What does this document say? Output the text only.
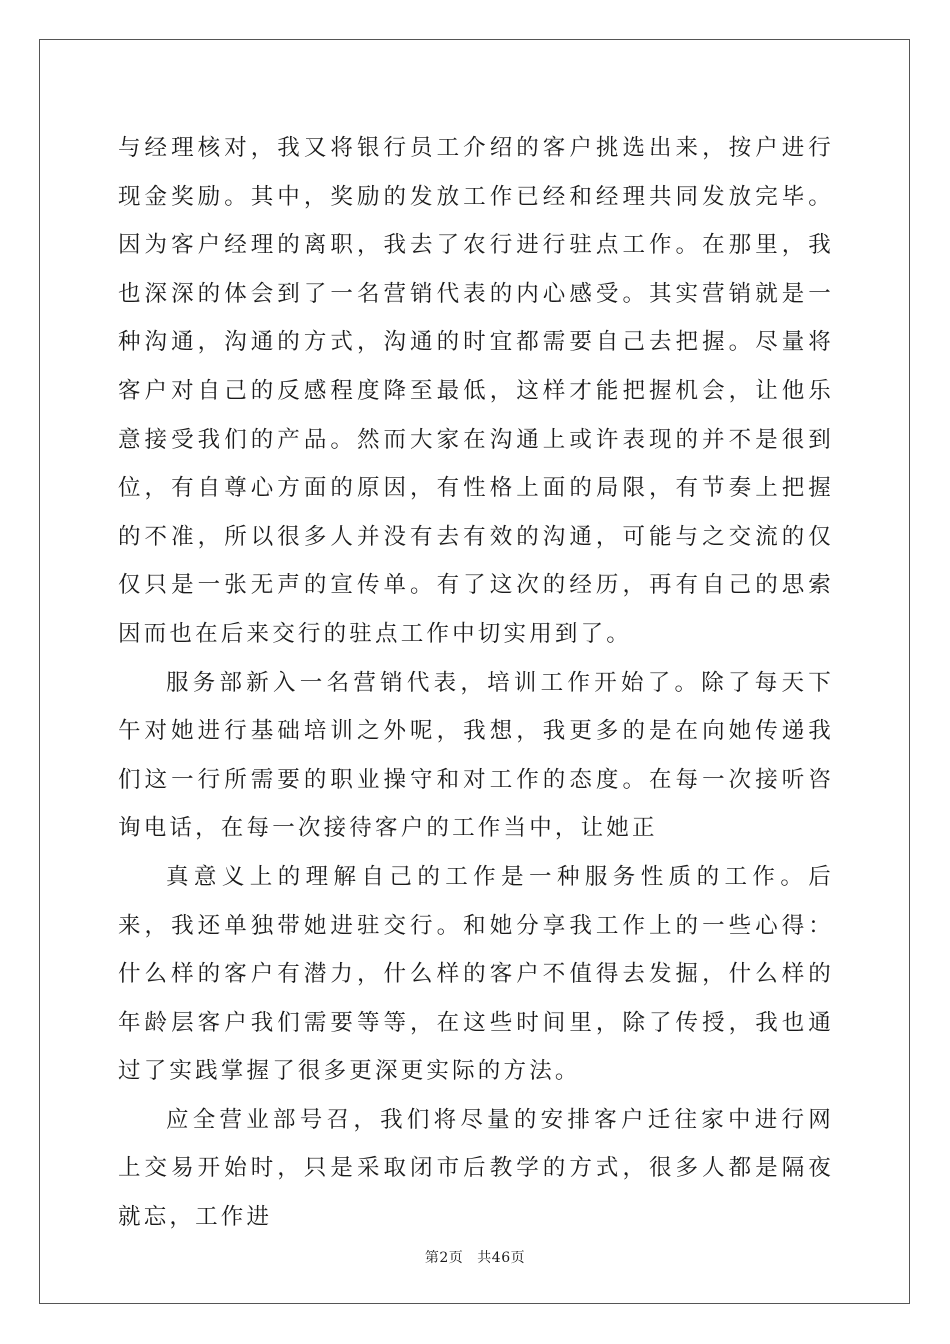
与经理核对，我又将银行员工介绍的客户挑选出来，按户进行现金奖励。其中，奖励的发放工作已经和经理共同发放完毕。因为客户经理的离职，我去了农行进行驻点工作。在那里，我也深深的体会到了一名营销代表的内心感受。其实营销就是一种沟通，沟通的方式，沟通的时宜都需要自己去把握。尽量将客户对自己的反感程度降至最低，这样才能把握机会，让他乐意接受我们的产品。然而大家在沟通上或许表现的并不是很到位，有自尊心方面的原因，有性格上面的局限，有节奏上把握的不准，所以很多人并没有去有效的沟通，可能与之交流的仅仅只是一张无声的宣传单。有了这次的经历，再有自己的思索因而也在后来交行的驻点工作中切实用到了。

服务部新入一名营销代表，培训工作开始了。除了每天下午对她进行基础培训之外呢，我想，我更多的是在向她传递我们这一行所需要的职业操守和对工作的态度。在每一次接听咨询电话，在每一次接待客户的工作当中，让她正

真意义上的理解自己的工作是一种服务性质的工作。后来，我还单独带她进驻交行。和她分享我工作上的一些心得：什么样的客户有潜力，什么样的客户不值得去发掘，什么样的年龄层客户我们需要等等，在这些时间里，除了传授，我也通过了实践掌握了很多更深更实际的方法。

应全营业部号召，我们将尽量的安排客户迁往家中进行网上交易开始时，只是采取闭市后教学的方式，很多人都是隔夜就忘，工作进

第2页 共46页
